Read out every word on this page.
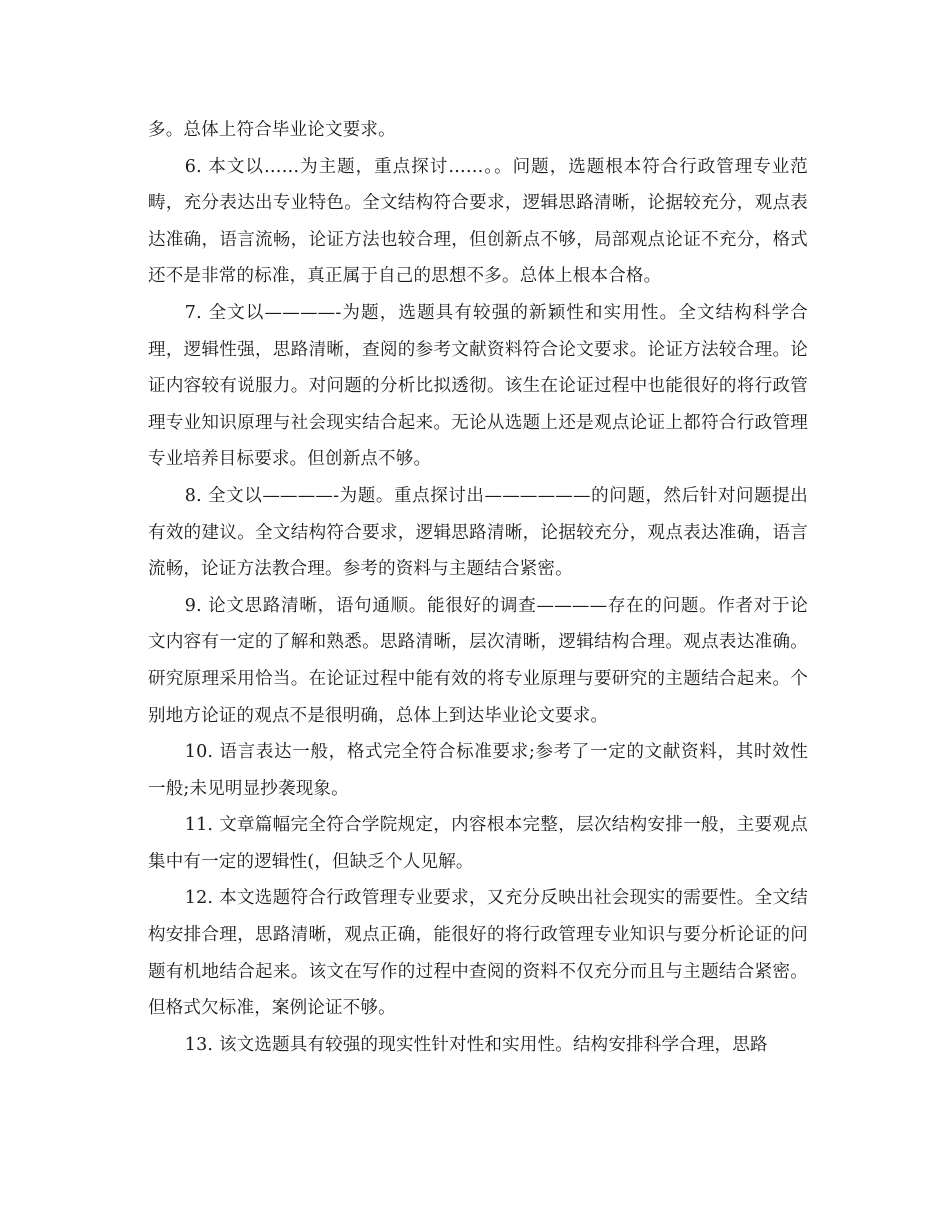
多。总体上符合毕业论文要求。

6. 本文以……为主题，重点探讨……。。问题，选题根本符合行政管理专业范畴，充分表达出专业特色。全文结构符合要求，逻辑思路清晰，论据较充分，观点表达准确，语言流畅，论证方法也较合理，但创新点不够，局部观点论证不充分，格式还不是非常的标准，真正属于自己的思想不多。总体上根本合格。

7. 全文以————-为题，选题具有较强的新颖性和实用性。全文结构科学合理，逻辑性强，思路清晰，查阅的参考文献资料符合论文要求。论证方法较合理。论证内容较有说服力。对问题的分析比拟透彻。该生在论证过程中也能很好的将行政管理专业知识原理与社会现实结合起来。无论从选题上还是观点论证上都符合行政管理专业培养目标要求。但创新点不够。

8. 全文以————-为题。重点探讨出——————的问题，然后针对问题提出有效的建议。全文结构符合要求，逻辑思路清晰，论据较充分，观点表达准确，语言流畅，论证方法教合理。参考的资料与主题结合紧密。

9. 论文思路清晰，语句通顺。能很好的调查————存在的问题。作者对于论文内容有一定的了解和熟悉。思路清晰，层次清晰，逻辑结构合理。观点表达准确。研究原理采用恰当。在论证过程中能有效的将专业原理与要研究的主题结合起来。个别地方论证的观点不是很明确，总体上到达毕业论文要求。

10. 语言表达一般，格式完全符合标准要求;参考了一定的文献资料，其时效性一般;未见明显抄袭现象。

11. 文章篇幅完全符合学院规定，内容根本完整，层次结构安排一般，主要观点集中有一定的逻辑性(，但缺乏个人见解。

12. 本文选题符合行政管理专业要求，又充分反映出社会现实的需要性。全文结构安排合理，思路清晰，观点正确，能很好的将行政管理专业知识与要分析论证的问题有机地结合起来。该文在写作的过程中查阅的资料不仅充分而且与主题结合紧密。但格式欠标准，案例论证不够。

13. 该文选题具有较强的现实性针对性和实用性。结构安排科学合理，思路
